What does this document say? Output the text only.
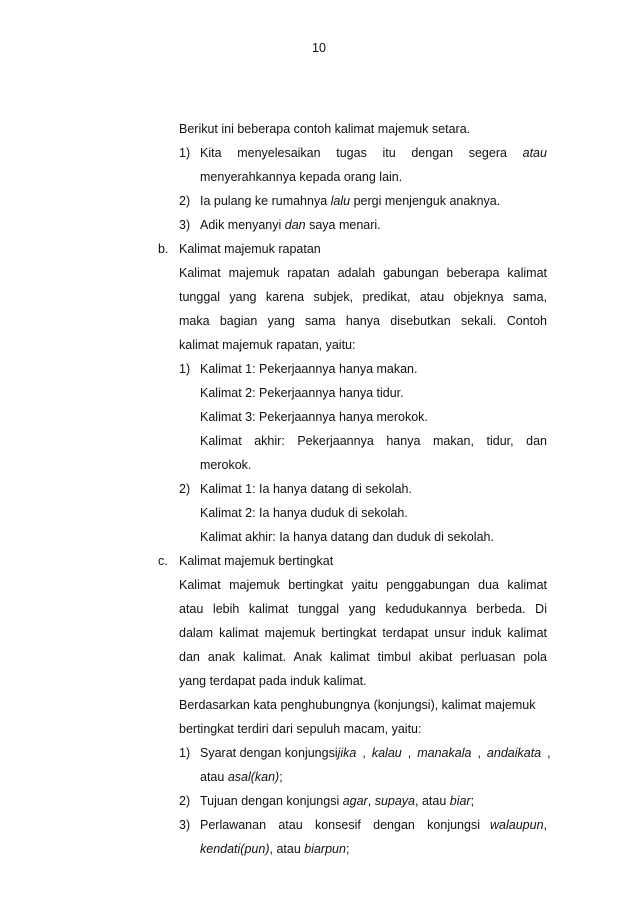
10
Berikut ini beberapa contoh kalimat majemuk setara.
1) Kita menyelesaikan tugas itu dengan segera atau
menyerahkannya kepada orang lain.
2) Ia pulang ke rumahnya lalu pergi menjenguk anaknya.
3) Adik menyanyi dan saya menari.
b. Kalimat majemuk rapatan
Kalimat majemuk rapatan adalah gabungan beberapa kalimat
tunggal yang karena subjek, predikat, atau objeknya sama,
maka bagian yang sama hanya disebutkan sekali. Contoh
kalimat majemuk rapatan, yaitu:
1) Kalimat 1: Pekerjaannya hanya makan.
Kalimat 2: Pekerjaannya hanya tidur.
Kalimat 3: Pekerjaannya hanya merokok.
Kalimat akhir: Pekerjaannya hanya makan, tidur, dan
merokok.
2) Kalimat 1: Ia hanya datang di sekolah.
Kalimat 2: Ia hanya duduk di sekolah.
Kalimat akhir: Ia hanya datang dan duduk di sekolah.
c. Kalimat majemuk bertingkat
Kalimat majemuk bertingkat yaitu penggabungan dua kalimat
atau lebih kalimat tunggal yang kedudukannya berbeda. Di
dalam kalimat majemuk bertingkat terdapat unsur induk kalimat
dan anak kalimat. Anak kalimat timbul akibat perluasan pola
yang terdapat pada induk kalimat.
Berdasarkan kata penghubungnya (konjungsi), kalimat majemuk
bertingkat terdiri dari sepuluh macam, yaitu:
1) Syarat dengan konjungsi jika , kalau , manakala , andaikata ,
atau asal(kan);
2) Tujuan dengan konjungsi agar, supaya, atau biar;
3) Perlawanan atau konsesif dengan konjungsi walaupun,
kendati(pun), atau biarpun;
